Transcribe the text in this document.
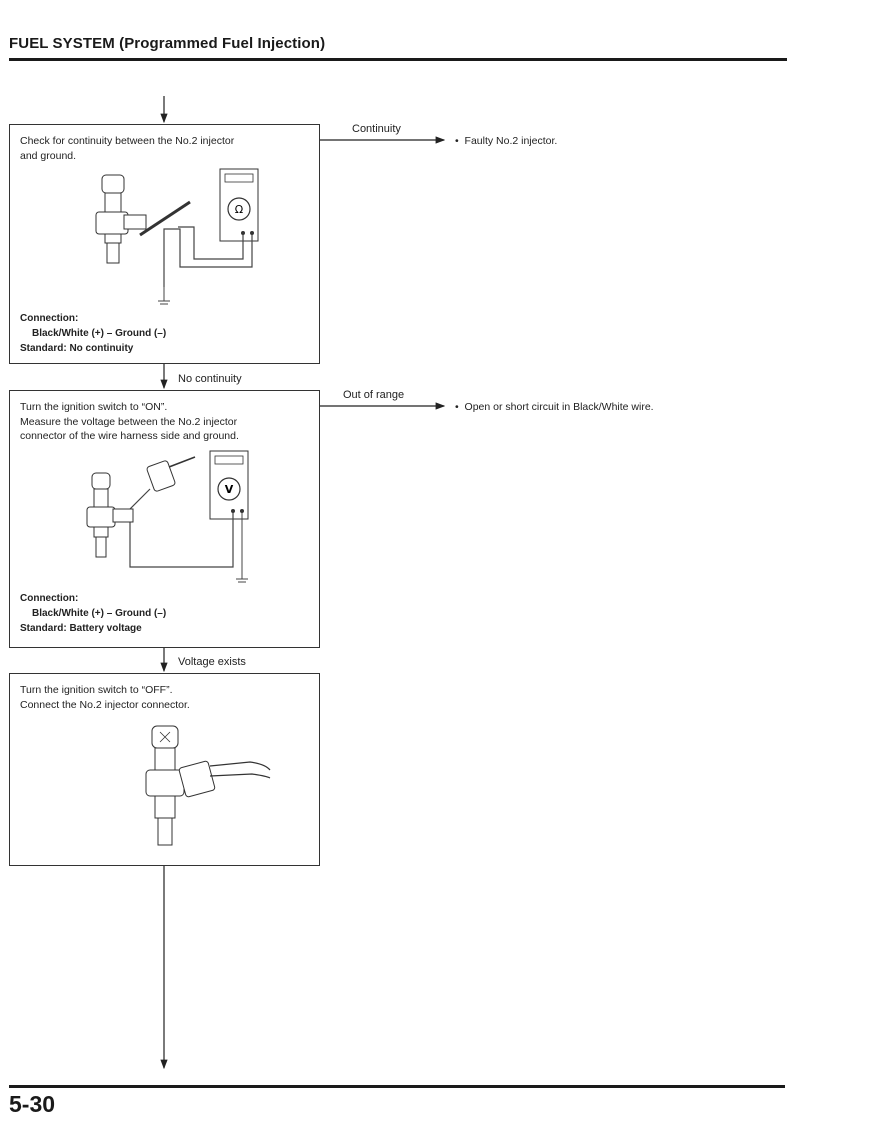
FUEL SYSTEM (Programmed Fuel Injection)
Continuity
• Faulty No.2 injector.
Out of range
• Open or short circuit in Black/White wire.
No continuity
Voltage exists
Check for continuity between the No.2 injector
and ground.
Ω
Connection:
Black/White (+) – Ground (–)
Standard: No continuity
Turn the ignition switch to “ON”.
Measure the voltage between the No.2 injector
connector of the wire harness side and ground.
V
Connection:
Black/White (+) – Ground (–)
Standard: Battery voltage
Turn the ignition switch to “OFF”.
Connect the No.2 injector connector.
5-30
